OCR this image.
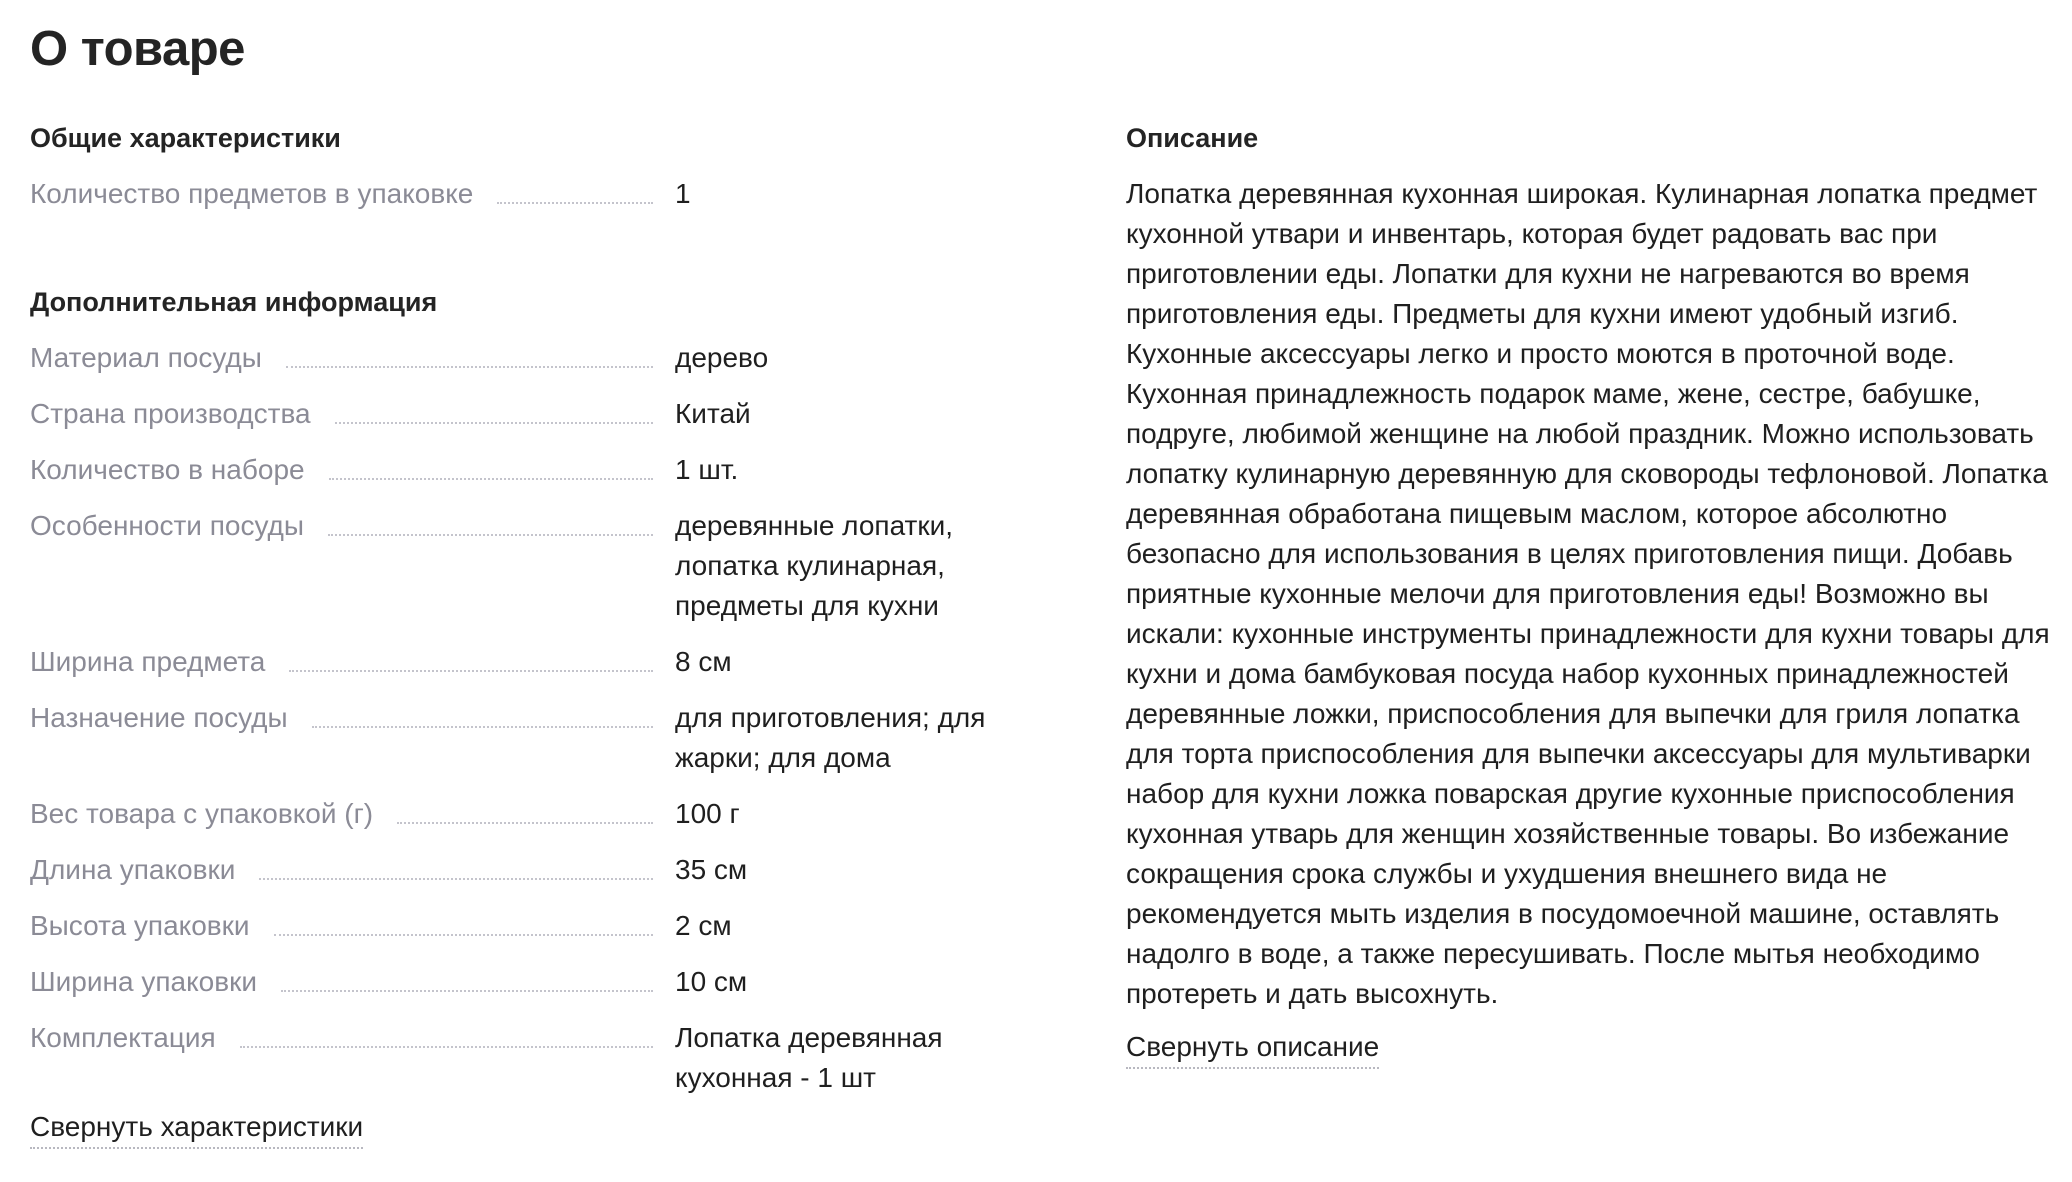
О товаре
Общие характеристики
Количество предметов в упаковке	1
Дополнительная информация
Материал посуды	дерево
Страна производства	Китай
Количество в наборе	1 шт.
Особенности посуды	деревянные лопатки, лопатка кулинарная, предметы для кухни
Ширина предмета	8 см
Назначение посуды	для приготовления; для жарки; для дома
Вес товара с упаковкой (г)	100 г
Длина упаковки	35 см
Высота упаковки	2 см
Ширина упаковки	10 см
Комплектация	Лопатка деревянная кухонная - 1 шт
Свернуть характеристики
Описание

Лопатка деревянная кухонная широкая. Кулинарная лопатка предмет кухонной утвари и инвентарь, которая будет радовать вас при приготовлении еды. Лопатки для кухни не нагреваются во время приготовления еды. Предметы для кухни имеют удобный изгиб. Кухонные аксессуары легко и просто моются в проточной воде. Кухонная принадлежность подарок маме, жене, сестре, бабушке, подруге, любимой женщине на любой праздник. Можно использовать лопатку кулинарную деревянную для сковороды тефлоновой. Лопатка деревянная обработана пищевым маслом, которое абсолютно безопасно для использования в целях приготовления пищи. Добавь приятные кухонные мелочи для приготовления еды! Возможно вы искали: кухонные инструменты принадлежности для кухни товары для кухни и дома бамбуковая посуда набор кухонных принадлежностей деревянные ложки, приспособления для выпечки для гриля лопатка для торта приспособления для выпечки аксессуары для мультиварки набор для кухни ложка поварская другие кухонные приспособления кухонная утварь для женщин хозяйственные товары. Во избежание сокращения срока службы и ухудшения внешнего вида не рекомендуется мыть изделия в посудомоечной машине, оставлять надолго в воде, а также пересушивать. После мытья необходимо протереть и дать высохнуть.

Свернуть описание
